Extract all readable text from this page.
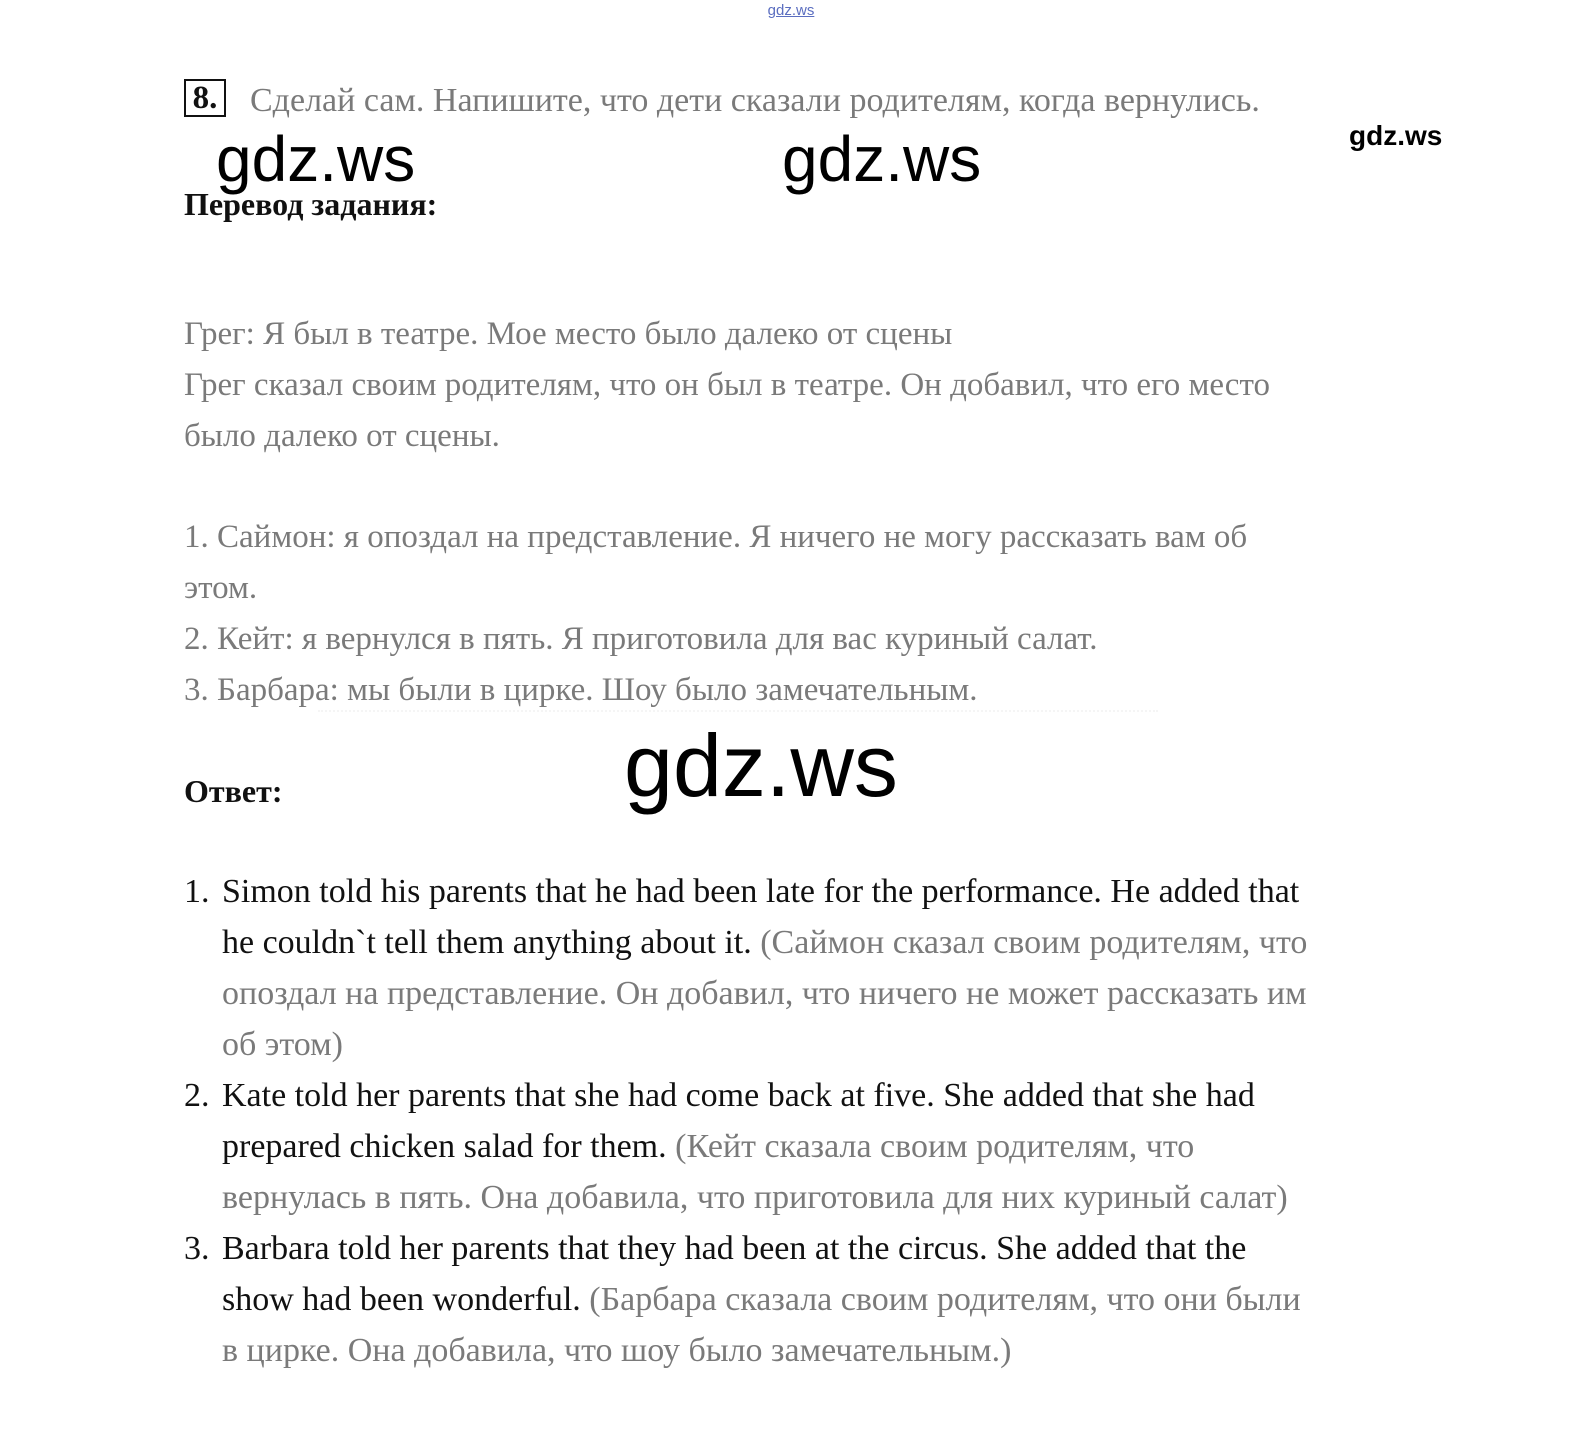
gdz.ws
8. Сделай сам. Напишите, что дети сказали родителям, когда вернулись.
gdz.ws	gdz.ws	gdz.ws
Перевод задания:
Грег: Я был в театре. Мое место было далеко от сцены
Грег сказал своим родителям, что он был в театре. Он добавил, что его место
было далеко от сцены.
1. Саймон: я опоздал на представление. Я ничего не могу рассказать вам об
этом.
2. Кейт: я вернулся в пять. Я приготовила для вас куриный салат.
3. Барбара: мы были в цирке. Шоу было замечательным.
gdz.ws
Ответ:
1. Simon told his parents that he had been late for the performance. He added that
he couldn`t tell them anything about it. (Саймон сказал своим родителям, что
опоздал на представление. Он добавил, что ничего не может рассказать им
об этом)
2. Kate told her parents that she had come back at five. She added that she had
prepared chicken salad for them. (Кейт сказала своим родителям, что
вернулась в пять. Она добавила, что приготовила для них куриный салат)
3. Barbara told her parents that they had been at the circus. She added that the
show had been wonderful. (Барбара сказала своим родителям, что они были
в цирке. Она добавила, что шоу было замечательным.)
